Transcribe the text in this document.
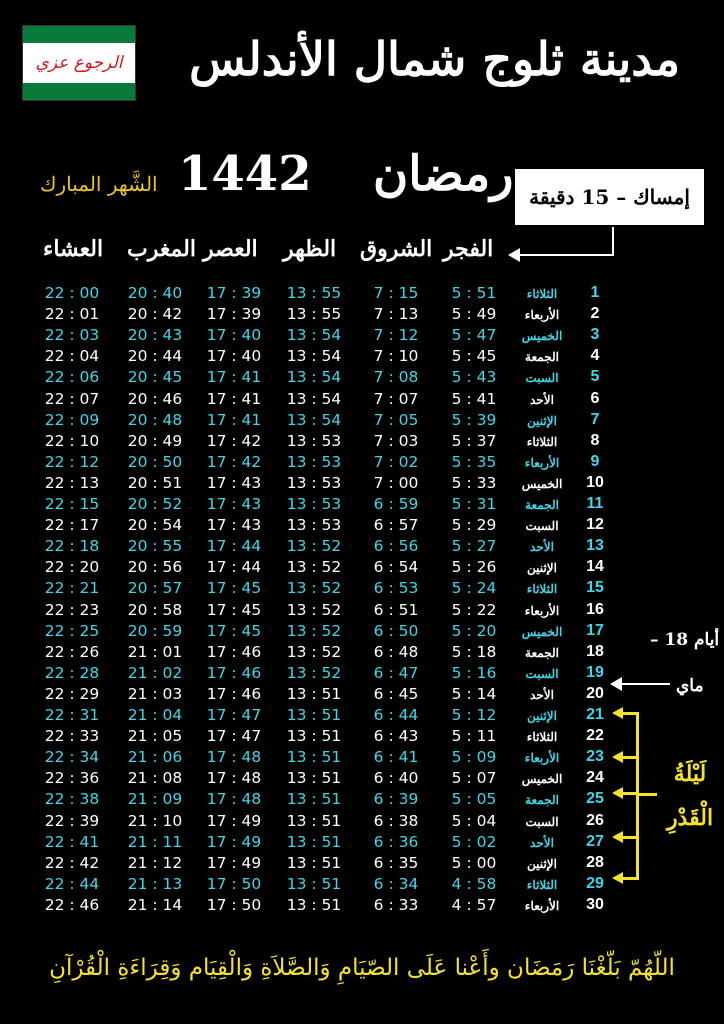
الرجوع عزي مدينة ثلوج شمال الأندلس
1442 رمضان
الشَّهر المبارك
إمساك – 15 دقيقة
الفجر
الشروق
الظهر
العصر
المغرب
العشاء
22 : 00	20 : 40	17 : 39	13 : 55	7 : 15	5 : 51	الثلاثاء	1
22 : 01	20 : 42	17 : 39	13 : 55	7 : 13	5 : 49	الأربعاء	2
22 : 03	20 : 43	17 : 40	13 : 54	7 : 12	5 : 47	الخميس	3
22 : 04	20 : 44	17 : 40	13 : 54	7 : 10	5 : 45	الجمعة	4
22 : 06	20 : 45	17 : 41	13 : 54	7 : 08	5 : 43	السبت	5
22 : 07	20 : 46	17 : 41	13 : 54	7 : 07	5 : 41	الأحد	6
22 : 09	20 : 48	17 : 41	13 : 54	7 : 05	5 : 39	الإثنين	7
22 : 10	20 : 49	17 : 42	13 : 53	7 : 03	5 : 37	الثلاثاء	8
22 : 12	20 : 50	17 : 42	13 : 53	7 : 02	5 : 35	الأربعاء	9
22 : 13	20 : 51	17 : 43	13 : 53	7 : 00	5 : 33	الخميس	10
22 : 15	20 : 52	17 : 43	13 : 53	6 : 59	5 : 31	الجمعة	11
22 : 17	20 : 54	17 : 43	13 : 53	6 : 57	5 : 29	السبت	12
22 : 18	20 : 55	17 : 44	13 : 52	6 : 56	5 : 27	الأحد	13
22 : 20	20 : 56	17 : 44	13 : 52	6 : 54	5 : 26	الإثنين	14
22 : 21	20 : 57	17 : 45	13 : 52	6 : 53	5 : 24	الثلاثاء	15
22 : 23	20 : 58	17 : 45	13 : 52	6 : 51	5 : 22	الأربعاء	16
22 : 25	20 : 59	17 : 45	13 : 52	6 : 50	5 : 20	الخميس	17
22 : 26	21 : 01	17 : 46	13 : 52	6 : 48	5 : 18	الجمعة	18
22 : 28	21 : 02	17 : 46	13 : 52	6 : 47	5 : 16	السبت	19
22 : 29	21 : 03	17 : 46	13 : 51	6 : 45	5 : 14	الأحد	20
22 : 31	21 : 04	17 : 47	13 : 51	6 : 44	5 : 12	الإثنين	21
22 : 33	21 : 05	17 : 47	13 : 51	6 : 43	5 : 11	الثلاثاء	22
22 : 34	21 : 06	17 : 48	13 : 51	6 : 41	5 : 09	الأربعاء	23
22 : 36	21 : 08	17 : 48	13 : 51	6 : 40	5 : 07	الخميس	24
22 : 38	21 : 09	17 : 48	13 : 51	6 : 39	5 : 05	الجمعة	25
22 : 39	21 : 10	17 : 49	13 : 51	6 : 38	5 : 04	السبت	26
22 : 41	21 : 11	17 : 49	13 : 51	6 : 36	5 : 02	الأحد	27
22 : 42	21 : 12	17 : 49	13 : 51	6 : 35	5 : 00	الإثنين	28
22 : 44	21 : 13	17 : 50	13 : 51	6 : 34	4 : 58	الثلاثاء	29
22 : 46	21 : 14	17 : 50	13 : 51	6 : 33	4 : 57	الأربعاء	30
– 18 أيام
ماي
لَيْلَةُ الْقَدْرِ
اللّهُمّ بَلّغْنَا رَمَضَان وأَعْنا عَلَى الصّيَامِ وَالصَّلاَةِ وَالْقِيَام وَقِرَاءَةِ الْقُرْآنِ
